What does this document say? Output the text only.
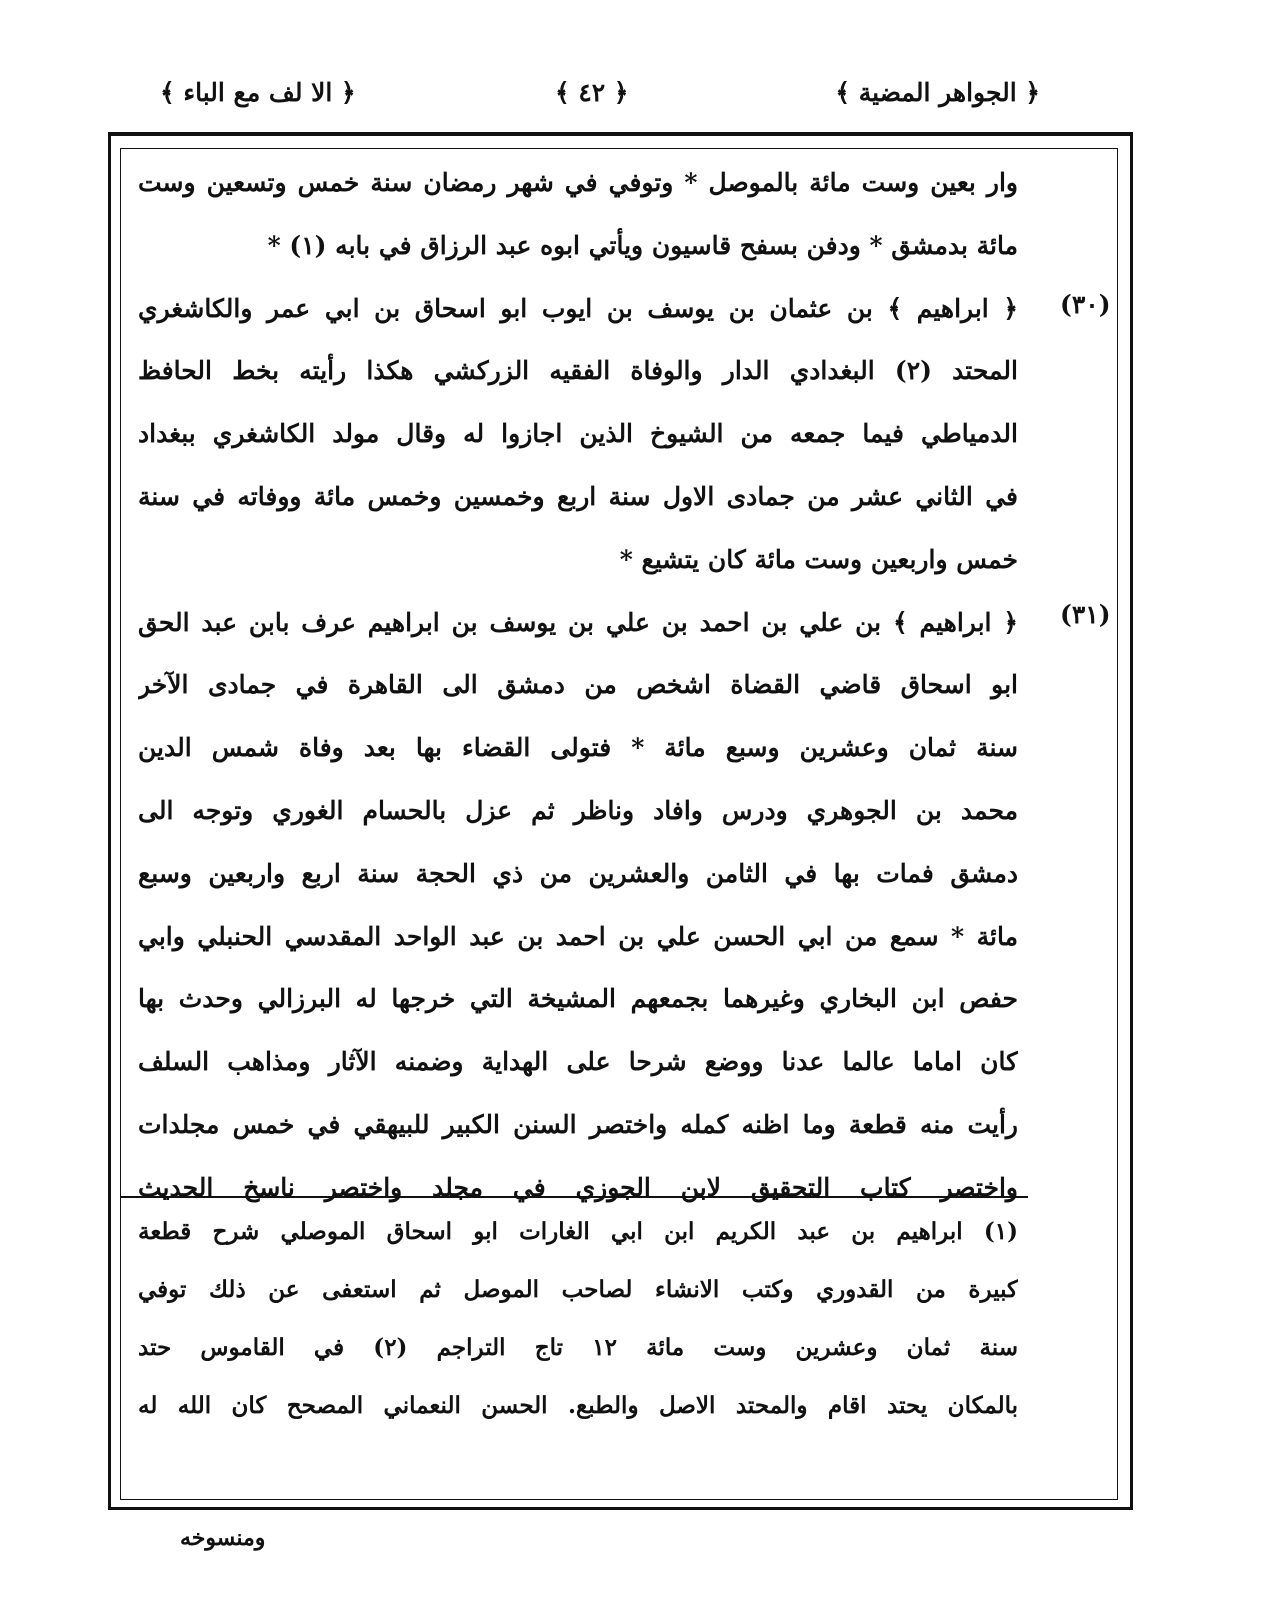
﴿ الجواهر المضية ﴾
﴿ ٤٢ ﴾
﴿ الا لف مع الباء ﴾
(٣٠)
(٣١)
وار بعين وست مائة بالموصل * وتوفي في شهر رمضان سنة خمس وتسعين وست
مائة بدمشق * ودفن بسفح قاسيون ويأتي ابوه عبد الرزاق في بابه (١) *
﴿ ابراهيم ﴾ بن عثمان بن يوسف بن ايوب ابو اسحاق بن ابي عمر والكاشغري
المحتد (٢) البغدادي الدار والوفاة الفقيه الزركشي هكذا رأيته بخط الحافظ
الدمياطي فيما جمعه من الشيوخ الذين اجازوا له وقال مولد الكاشغري ببغداد
في الثاني عشر من جمادى الاول سنة اربع وخمسين وخمس مائة ووفاته في سنة
خمس واربعين وست مائة كان يتشيع *
﴿ ابراهيم ﴾ بن علي بن احمد بن علي بن يوسف بن ابراهيم عرف بابن عبد الحق
ابو اسحاق قاضي القضاة اشخص من دمشق الى القاهرة في جمادى الآخر
سنة ثمان وعشرين وسبع مائة * فتولى القضاء بها بعد وفاة شمس الدين
محمد بن الجوهري ودرس وافاد وناظر ثم عزل بالحسام الغوري وتوجه الى
دمشق فمات بها في الثامن والعشرين من ذي الحجة سنة اربع واربعين وسبع
مائة * سمع من ابي الحسن علي بن احمد بن عبد الواحد المقدسي الحنبلي وابي
حفص ابن البخاري وغيرهما بجمعهم المشيخة التي خرجها له البرزالي وحدث بها
كان اماما عالما عدنا ووضع شرحا على الهداية وضمنه الآثار ومذاهب السلف
رأيت منه قطعة وما اظنه كمله واختصر السنن الكبير للبيهقي في خمس مجلدات
واختصر كتاب التحقيق لابن الجوزي في مجلد واختصر ناسخ الحديث
(١) ابراهيم بن عبد الكريم ابن ابي الغارات ابو اسحاق الموصلي شرح قطعة
كبيرة من القدوري وكتب الانشاء لصاحب الموصل ثم استعفى عن ذلك توفي
سنة ثمان وعشرين وست مائة ١٢ تاج التراجم (٢) في القاموس حتد
بالمكان يحتد اقام والمحتد الاصل والطبع. الحسن النعماني المصحح كان الله له
ومنسوخه
